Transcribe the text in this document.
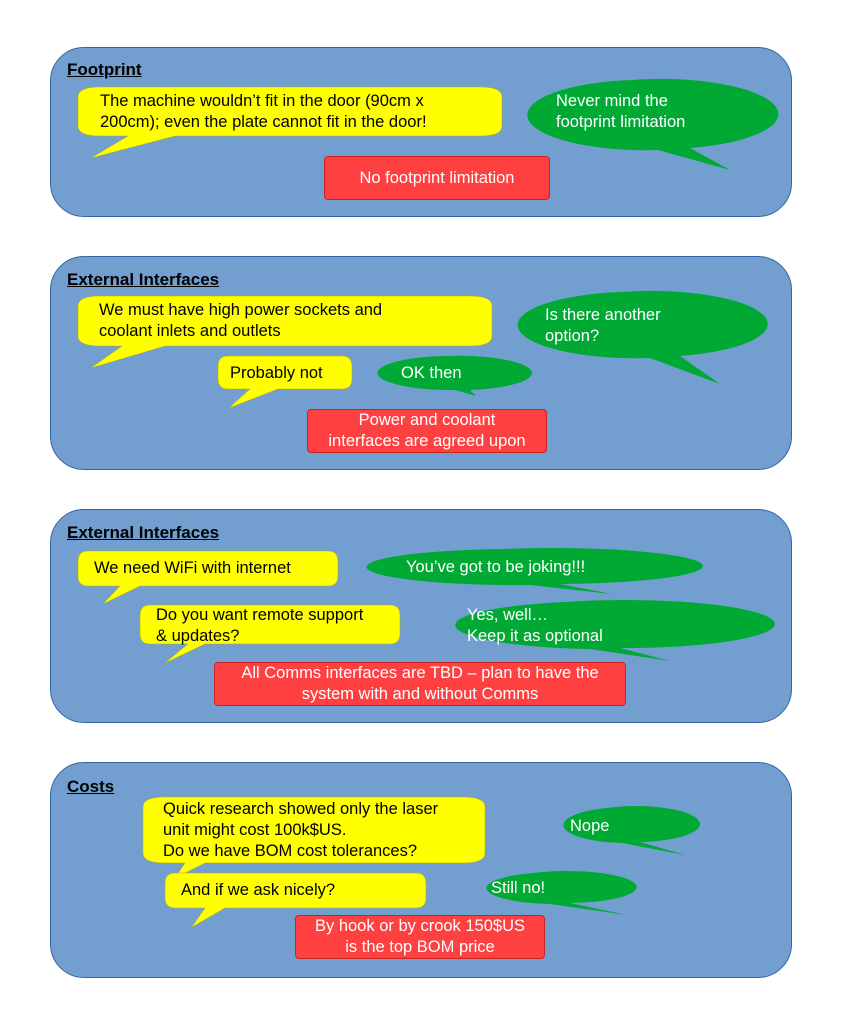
No footprint limitation
Power and coolant
interfaces are agreed upon
All Comms interfaces are TBD – plan to have the
system with and without Comms
By hook or by crook 150$US
is the top BOM price
Footprint
External Interfaces
External Interfaces
Costs
The machine wouldn’t fit in the door (90cm x
200cm); even the plate cannot fit in the door!
Never mind the
footprint limitation
We must have high power sockets and
coolant inlets and outlets
Is there another
option?
Probably not	OK then
We need WiFi with internet	You’ve got to be joking!!!
Do you want remote support
& updates?
Yes, well…
Keep it as optional
Quick research showed only the laser
unit might cost 100k$US.
Do we have BOM cost tolerances?
Nope
And if we ask nicely?	Still no!
